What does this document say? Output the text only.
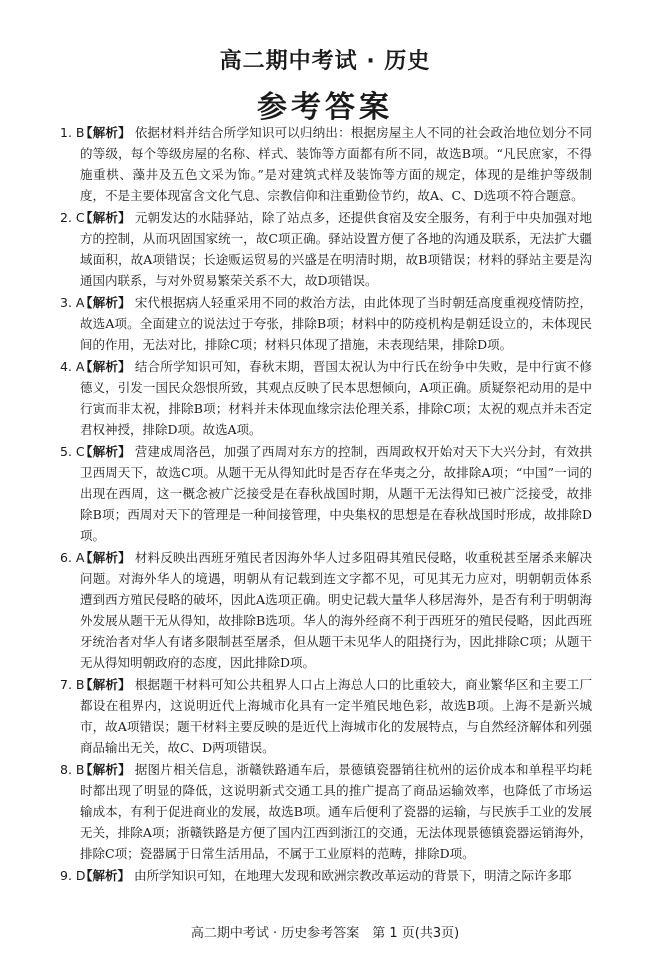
高二期中考试 · 历史
参考答案
1. B
【解析】 依据材料并结合所学知识可以归纳出：根据房屋主人不同的社会政治地位划分不同的等级，每个等级房屋的名称、样式、装饰等方面都有所不同，故选B项。“凡民庶家，不得施重栱、藻井及五色文采为饰。”是对建筑式样及装饰等方面的规定，体现的是维护等级制度，不是主要体现富含文化气息、宗教信仰和注重勤俭节约，故A、C、D选项不符合题意。
2. C
【解析】 元朝发达的水陆驿站，除了站点多，还提供食宿及安全服务，有利于中央加强对地方的控制，从而巩固国家统一，故C项正确。驿站设置方便了各地的沟通及联系，无法扩大疆域面积，故A项错误；长途贩运贸易的兴盛是在明清时期，故B项错误；材料的驿站主要是沟通国内联系，与对外贸易繁荣关系不大，故D项错误。
3. A
【解析】 宋代根据病人轻重采用不同的救治方法，由此体现了当时朝廷高度重视疫情防控，故选A项。全面建立的说法过于夸张，排除B项；材料中的防疫机构是朝廷设立的，未体现民间的作用，无法对比，排除C项；材料只体现了措施，未表现结果，排除D项。
4. A
【解析】 结合所学知识可知，春秋末期，晋国太祝认为中行氏在纷争中失败，是中行寅不修德义，引发一国民众怨恨所致，其观点反映了民本思想倾向，A项正确。质疑祭祀动用的是中行寅而非太祝，排除B项；材料并未体现血缘宗法伦理关系，排除C项；太祝的观点并未否定君权神授，排除D项。故选A项。
5. C
【解析】 营建成周洛邑，加强了西周对东方的控制，西周政权开始对天下大兴分封，有效拱卫西周天下，故选C项。从题干无从得知此时是否存在华夷之分，故排除A项；“中国”一词的出现在西周，这一概念被广泛接受是在春秋战国时期，从题干无法得知已被广泛接受，故排除B项；西周对天下的管理是一种间接管理，中央集权的思想是在春秋战国时形成，故排除D项。
6. A
【解析】 材料反映出西班牙殖民者因海外华人过多阻碍其殖民侵略，收重税甚至屠杀来解决问题。对海外华人的境遇，明朝从有记载到连文字都不见，可见其无力应对，明朝朝贡体系遭到西方殖民侵略的破坏，因此A选项正确。明史记载大量华人移居海外，是否有利于明朝海外发展从题干无从得知，故排除B选项。华人的海外经商不利于西班牙的殖民侵略，因此西班牙统治者对华人有诸多限制甚至屠杀，但从题干未见华人的阻挠行为，因此排除C项；从题干无从得知明朝政府的态度，因此排除D项。
7. B
【解析】 根据题干材料可知公共租界人口占上海总人口的比重较大，商业繁华区和主要工厂都设在租界内，这说明近代上海城市化具有一定半殖民地色彩，故选B项。上海不是新兴城市，故A项错误；题干材料主要反映的是近代上海城市化的发展特点，与自然经济解体和列强商品输出无关，故C、D两项错误。
8. B
【解析】 据图片相关信息，浙赣铁路通车后，景德镇瓷器销往杭州的运价成本和单程平均耗时都出现了明显的降低，这说明新式交通工具的推广提高了商品运输效率，也降低了市场运输成本，有利于促进商业的发展，故选B项。通车后便利了瓷器的运输，与民族手工业的发展无关，排除A项；浙赣铁路是方便了国内江西到浙江的交通，无法体现景德镇瓷器运销海外，排除C项；瓷器属于日常生活用品，不属于工业原料的范畴，排除D项。
9. D
【解析】 由所学知识可知，在地理大发现和欧洲宗教改革运动的背景下，明清之际许多耶
高二期中考试 · 历史参考答案　第 1 页(共3页)
